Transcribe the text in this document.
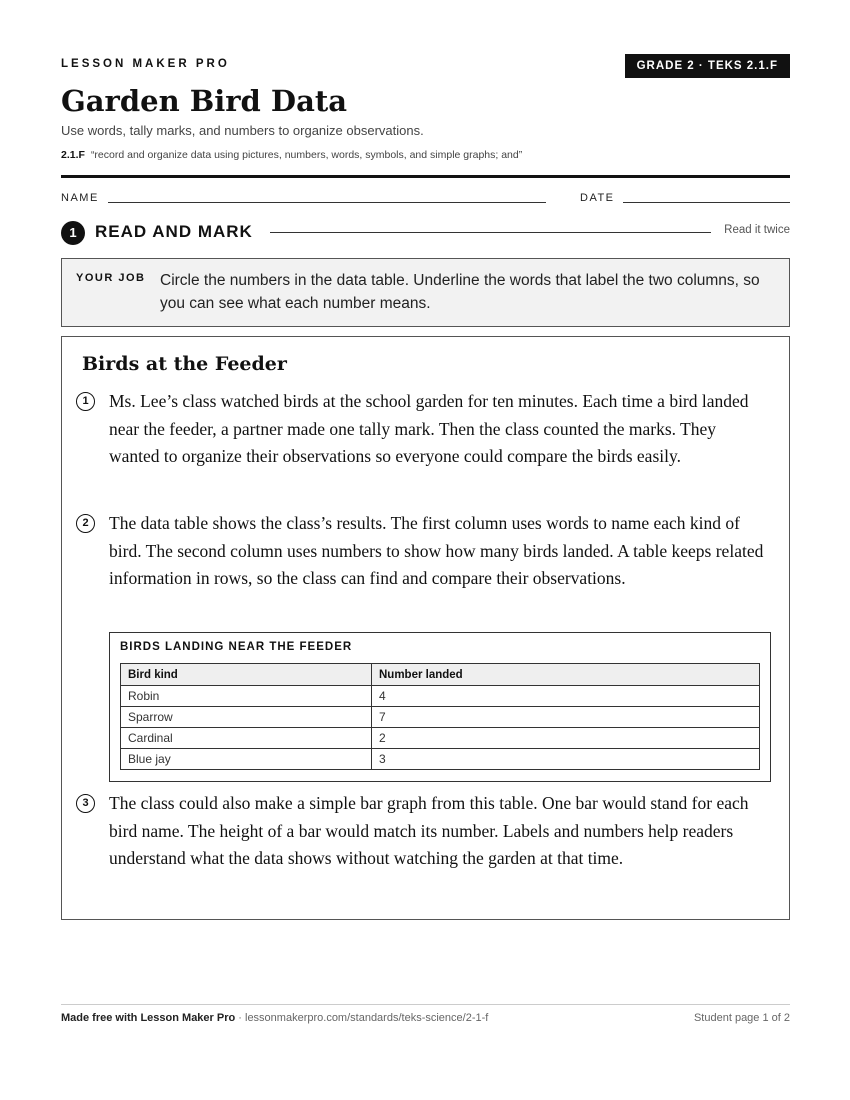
LESSON MAKER PRO	GRADE 2 · TEKS 2.1.F
Garden Bird Data
Use words, tally marks, and numbers to organize observations.
2.1.F “record and organize data using pictures, numbers, words, symbols, and simple graphs; and”
NAME	DATE
1	READ AND MARK	Read it twice
YOUR JOB Circle the numbers in the data table. Underline the words that label the two columns, so you can see what each number means.
Birds at the Feeder
1	Ms. Lee’s class watched birds at the school garden for ten minutes. Each time a bird landed near the feeder, a partner made one tally mark. Then the class counted the marks. They wanted to organize their observations so everyone could compare the birds easily.
2	The data table shows the class’s results. The first column uses words to name each kind of bird. The second column uses numbers to show how many birds landed. A table keeps related information in rows, so the class can find and compare their observations.
BIRDS LANDING NEAR THE FEEDER
Bird kind	Number landed
Robin	4
Sparrow	7
Cardinal	2
Blue jay	3
3	The class could also make a simple bar graph from this table. One bar would stand for each bird name. The height of a bar would match its number. Labels and numbers help readers understand what the data shows without watching the garden at that time.
Made free with Lesson Maker Pro · lessonmakerpro.com/standards/teks-science/2-1-f	Student page 1 of 2
